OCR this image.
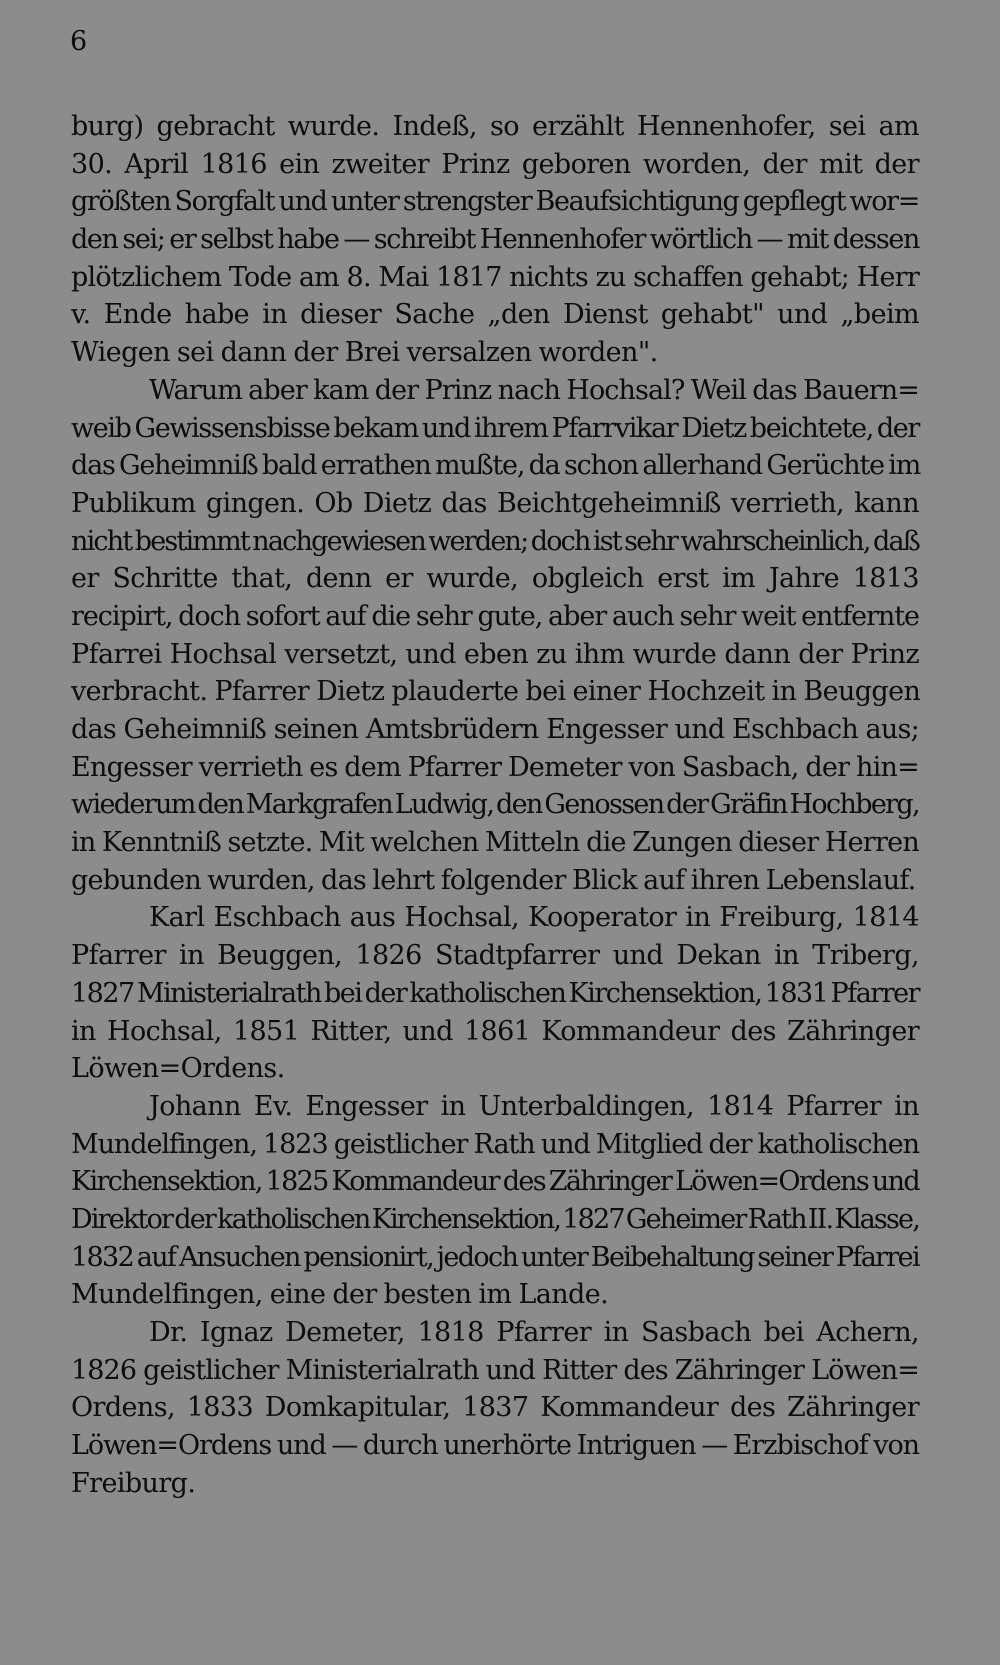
6
burg) gebracht wurde. Indeß, so erzählt Hennenhofer, sei am
30. April 1816 ein zweiter Prinz geboren worden, der mit der
größten Sorgfalt und unter strengster Beaufsichtigung gepflegt wor=
den sei; er selbst habe — schreibt Hennenhofer wörtlich — mit dessen
plötzlichem Tode am 8. Mai 1817 nichts zu schaffen gehabt; Herr
v. Ende habe in dieser Sache „den Dienst gehabt" und „beim
Wiegen sei dann der Brei versalzen worden".
Warum aber kam der Prinz nach Hochsal? Weil das Bauern=
weib Gewissensbisse bekam und ihrem Pfarrvikar Dietz beichtete, der
das Geheimniß bald errathen mußte, da schon allerhand Gerüchte im
Publikum gingen. Ob Dietz das Beichtgeheimniß verrieth, kann
nicht bestimmt nachgewiesen werden; doch ist sehr wahrscheinlich, daß
er Schritte that, denn er wurde, obgleich erst im Jahre 1813
recipirt, doch sofort auf die sehr gute, aber auch sehr weit entfernte
Pfarrei Hochsal versetzt, und eben zu ihm wurde dann der Prinz
verbracht. Pfarrer Dietz plauderte bei einer Hochzeit in Beuggen
das Geheimniß seinen Amtsbrüdern Engesser und Eschbach aus;
Engesser verrieth es dem Pfarrer Demeter von Sasbach, der hin=
wiederum den Markgrafen Ludwig, den Genossen der Gräfin Hochberg,
in Kenntniß setzte. Mit welchen Mitteln die Zungen dieser Herren
gebunden wurden, das lehrt folgender Blick auf ihren Lebenslauf.
Karl Eschbach aus Hochsal, Kooperator in Freiburg, 1814
Pfarrer in Beuggen, 1826 Stadtpfarrer und Dekan in Triberg,
1827 Ministerialrath bei der katholischen Kirchensektion, 1831 Pfarrer
in Hochsal, 1851 Ritter, und 1861 Kommandeur des Zähringer
Löwen=Ordens.
Johann Ev. Engesser in Unterbaldingen, 1814 Pfarrer in
Mundelfingen, 1823 geistlicher Rath und Mitglied der katholischen
Kirchensektion, 1825 Kommandeur des Zähringer Löwen=Ordens und
Direktor der katholischen Kirchensektion, 1827 Geheimer Rath II. Klasse,
1832 auf Ansuchen pensionirt, jedoch unter Beibehaltung seiner Pfarrei
Mundelfingen, eine der besten im Lande.
Dr. Ignaz Demeter, 1818 Pfarrer in Sasbach bei Achern,
1826 geistlicher Ministerialrath und Ritter des Zähringer Löwen=
Ordens, 1833 Domkapitular, 1837 Kommandeur des Zähringer
Löwen=Ordens und — durch unerhörte Intriguen — Erzbischof von
Freiburg.
